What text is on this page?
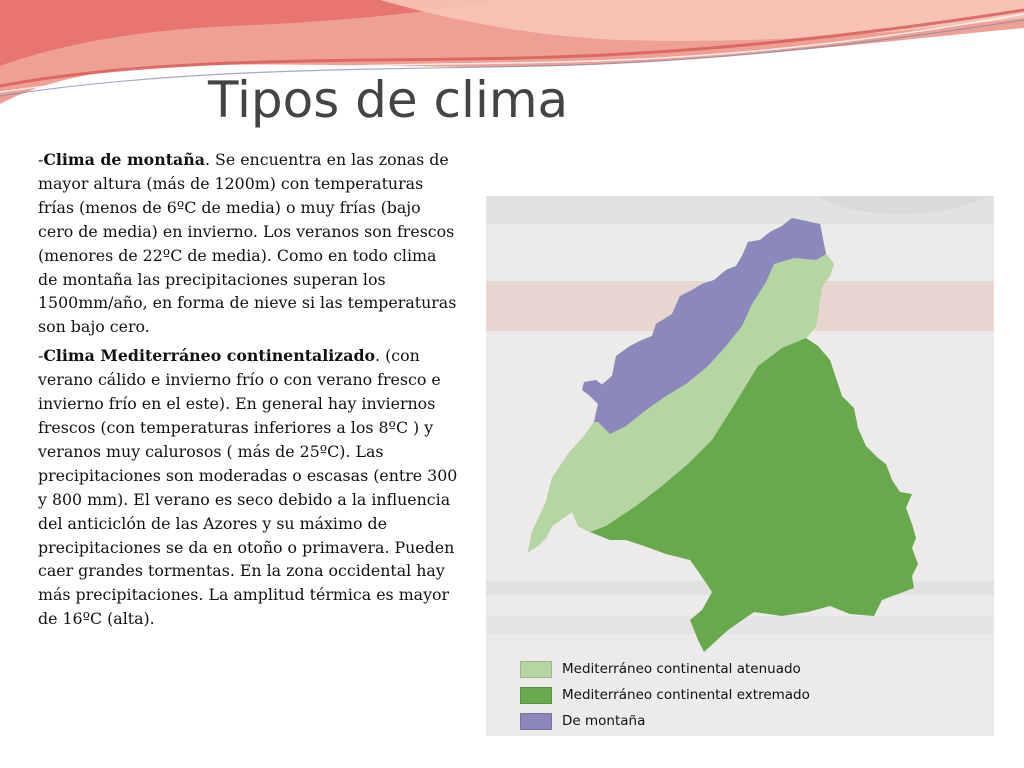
Tipos de clima

-Clima de montaña. Se encuentra en las zonas de mayor altura (más de 1200m) con temperaturas frías (menos de 6ºC de media) o muy frías (bajo cero de media) en invierno. Los veranos son frescos (menores de 22ºC de media). Como en todo clima de montaña las precipitaciones superan los 1500mm/año, en forma de nieve si las temperaturas son bajo cero.

-Clima Mediterráneo continentalizado. (con verano cálido e invierno frío o con verano fresco e invierno frío en el este). En general hay inviernos frescos (con temperaturas inferiores a los 8ºC ) y veranos muy calurosos ( más de 25ºC). Las precipitaciones son moderadas o escasas (entre 300 y 800 mm). El verano es seco debido a la influencia del anticiclón de las Azores y su máximo de precipitaciones se da en otoño o primavera. Pueden caer grandes tormentas. En la zona occidental hay más precipitaciones. La amplitud térmica es mayor de 16ºC (alta).

Mediterráneo continental atenuado
Mediterráneo continental extremado
De montaña
